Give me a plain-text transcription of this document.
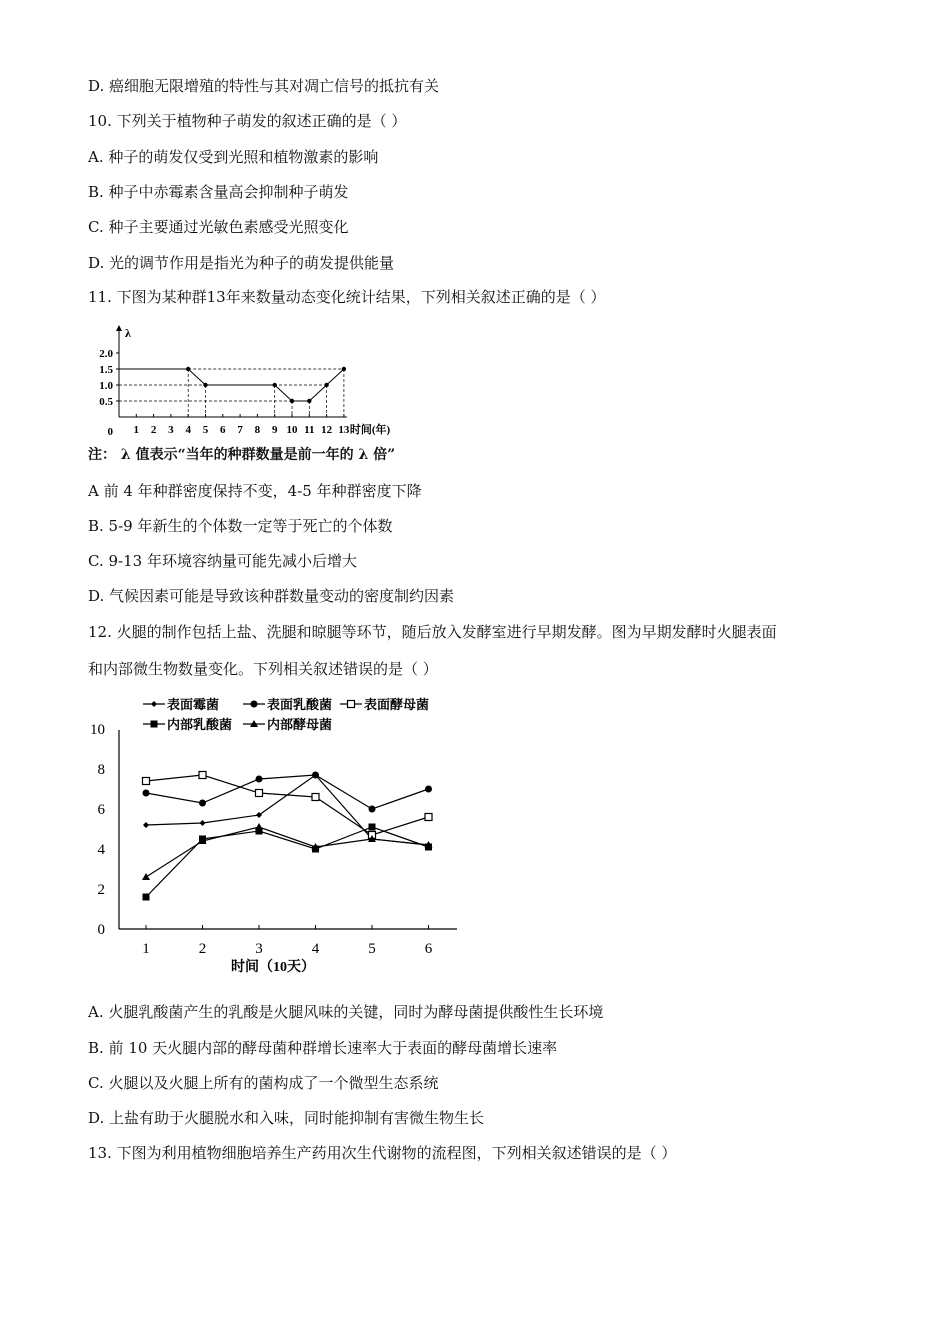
D. 癌细胞无限增殖的特性与其对凋亡信号的抵抗有关
10. 下列关于植物种子萌发的叙述正确的是（ ）
A. 种子的萌发仅受到光照和植物激素的影响
B. 种子中赤霉素含量高会抑制种子萌发
C. 种子主要通过光敏色素感受光照变化
D. 光的调节作用是指光为种子的萌发提供能量
11. 下图为某种群13年来数量动态变化统计结果，下列相关叙述正确的是（ ）
λ
0
0.5
1.0
1.5
2.0
1 2 3 4 5 6 7 8 9 10 11 12 13 时间(年)
注： λ 值表示“当年的种群数量是前一年的 λ 倍”
A 前 4 年种群密度保持不变，4-5 年种群密度下降
B. 5-9 年新生的个体数一定等于死亡的个体数
C. 9-13 年环境容纳量可能先减小后增大
D. 气候因素可能是导致该种群数量变动的密度制约因素
12. 火腿的制作包括上盐、洗腿和晾腿等环节，随后放入发酵室进行早期发酵。图为早期发酵时火腿表面
和内部微生物数量变化。下列相关叙述错误的是（ ）
0
2
4
6
8
10
1	2	3	4	5	6
时间（10天）
表面霉菌	表面乳酸菌 表面酵母菌
内部乳酸菌	内部酵母菌
A. 火腿乳酸菌产生的乳酸是火腿风味的关键，同时为酵母菌提供酸性生长环境
B. 前 10 天火腿内部的酵母菌种群增长速率大于表面的酵母菌增长速率
C. 火腿以及火腿上所有的菌构成了一个微型生态系统
D. 上盐有助于火腿脱水和入味，同时能抑制有害微生物生长
13. 下图为利用植物细胞培养生产药用次生代谢物的流程图，下列相关叙述错误的是（ ）
